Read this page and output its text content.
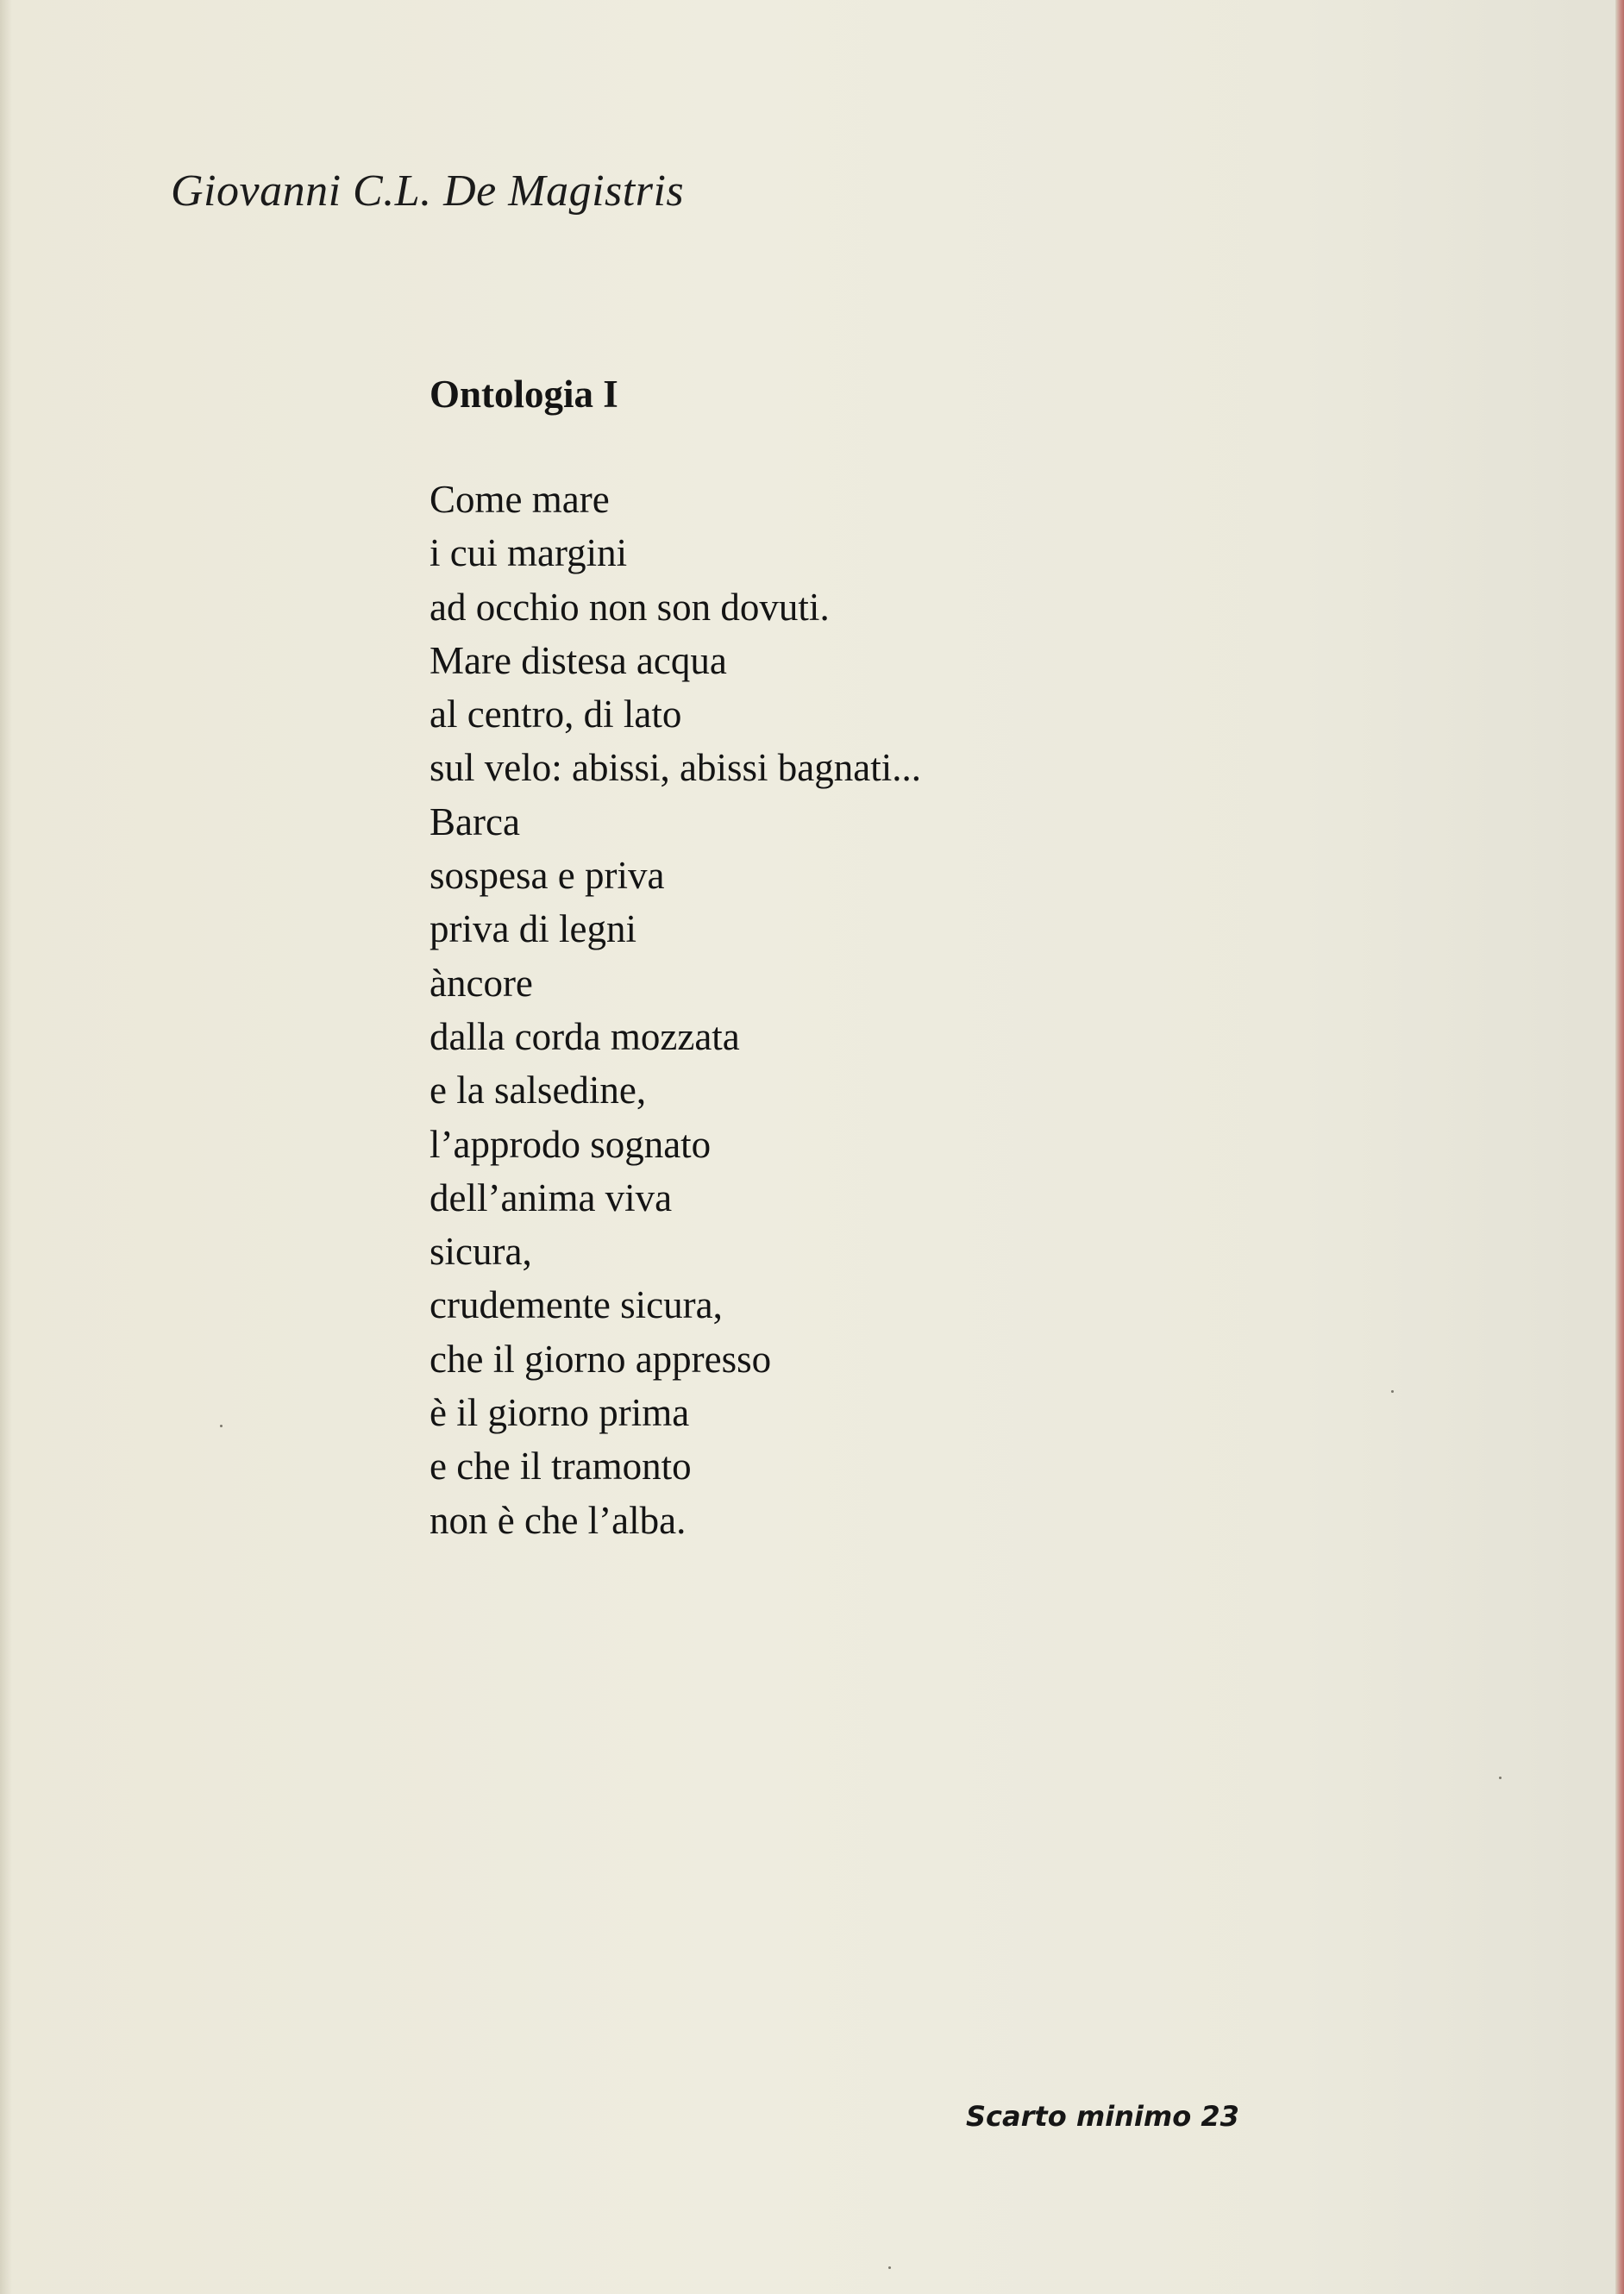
Giovanni C.L. De Magistris
Ontologia I
Come mare
i cui margini
ad occhio non son dovuti.
Mare distesa acqua
al centro, di lato
sul velo: abissi, abissi bagnati...
Barca
sospesa e priva
priva di legni
àncore
dalla corda mozzata
e la salsedine,
l’approdo sognato
dell’anima viva
sicura,
crudemente sicura,
che il giorno appresso
è il giorno prima
e che il tramonto
non è che l’alba.
Scarto minimo 23
